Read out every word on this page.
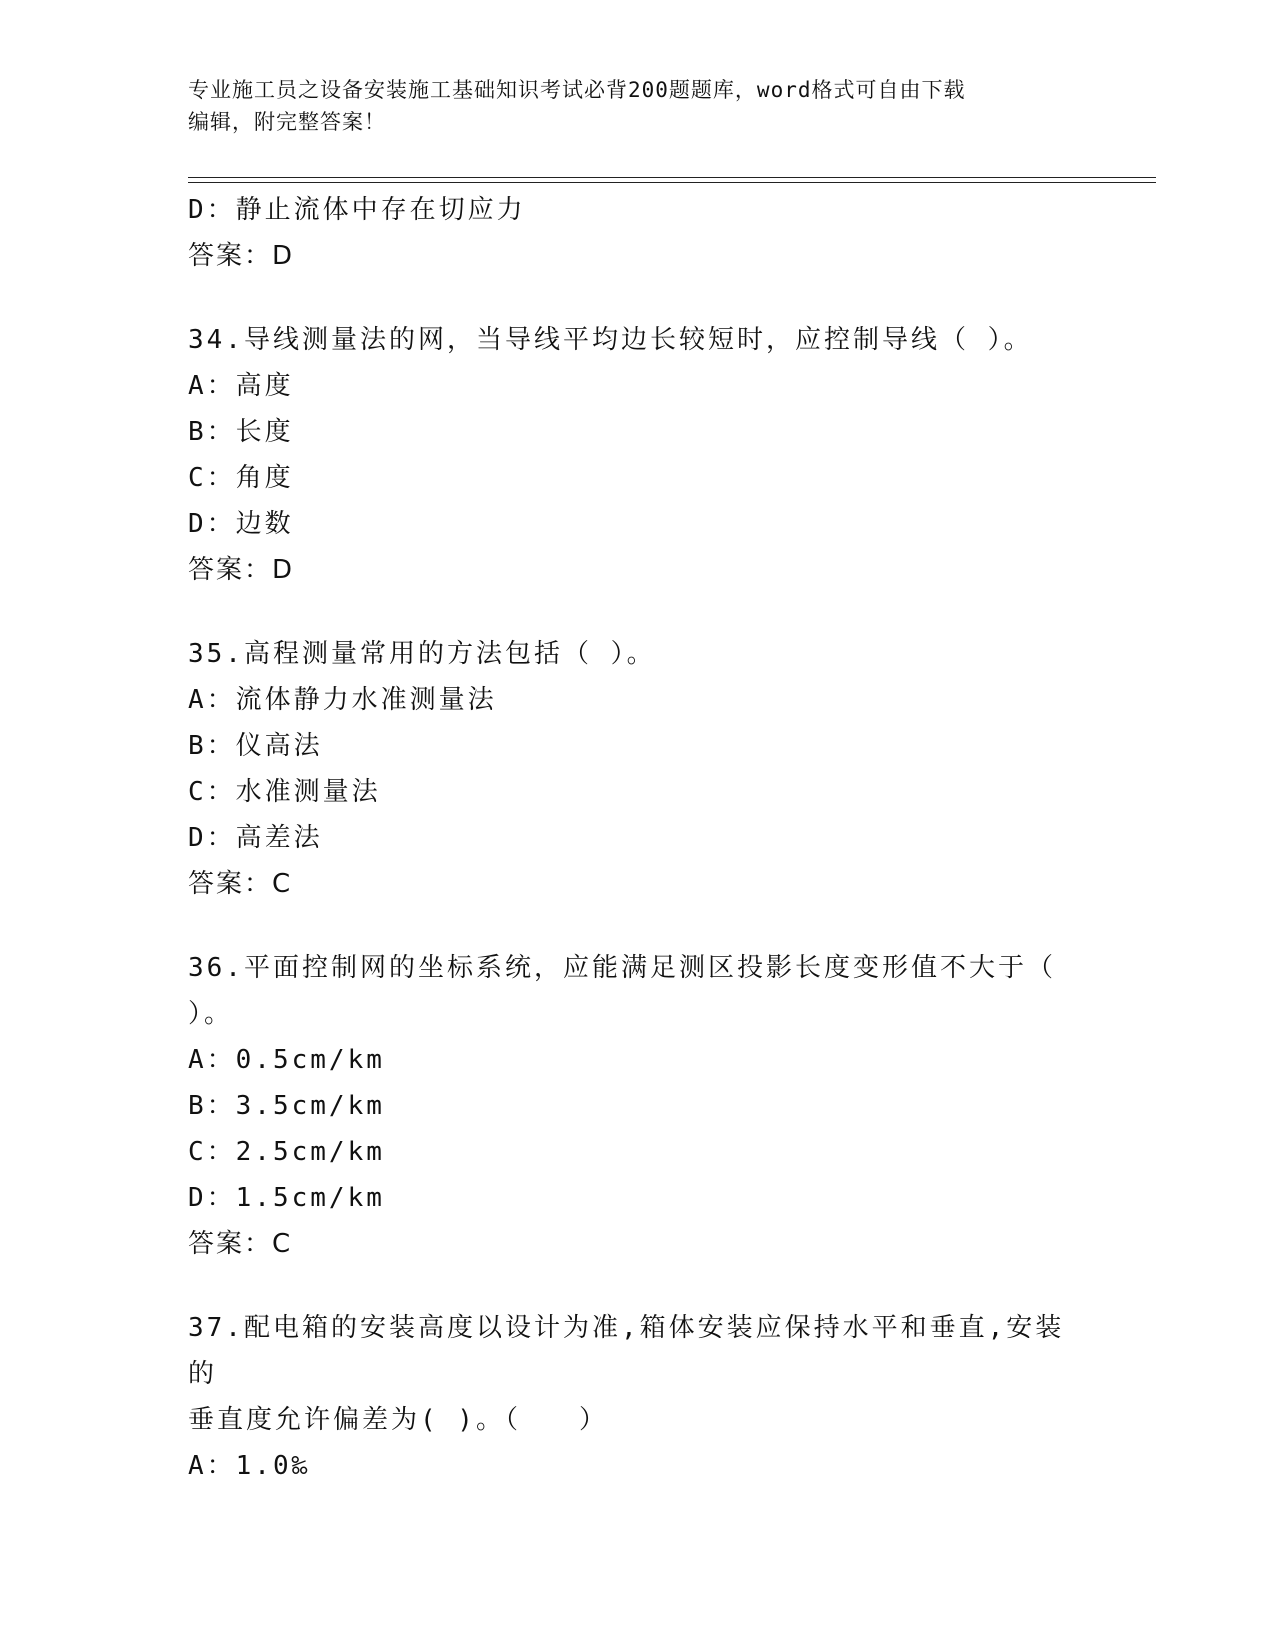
专业施工员之设备安装施工基础知识考试必背200题题库，word格式可自由下载
编辑，附完整答案！
D：静止流体中存在切应力
答案：D
34.导线测量法的网，当导线平均边长较短时，应控制导线（ ）。
A：高度
B：长度
C：角度
D：边数
答案：D
35.高程测量常用的方法包括（ ）。
A：流体静力水准测量法
B：仪高法
C：水准测量法
D：高差法
答案：C
36.平面控制网的坐标系统，应能满足测区投影长度变形值不大于（
）。
A：0.5cm/km
B：3.5cm/km
C：2.5cm/km
D：1.5cm/km
答案：C
37.配电箱的安装高度以设计为准,箱体安装应保持水平和垂直,安装的
垂直度允许偏差为( )。（　　）
A：1.0‰
